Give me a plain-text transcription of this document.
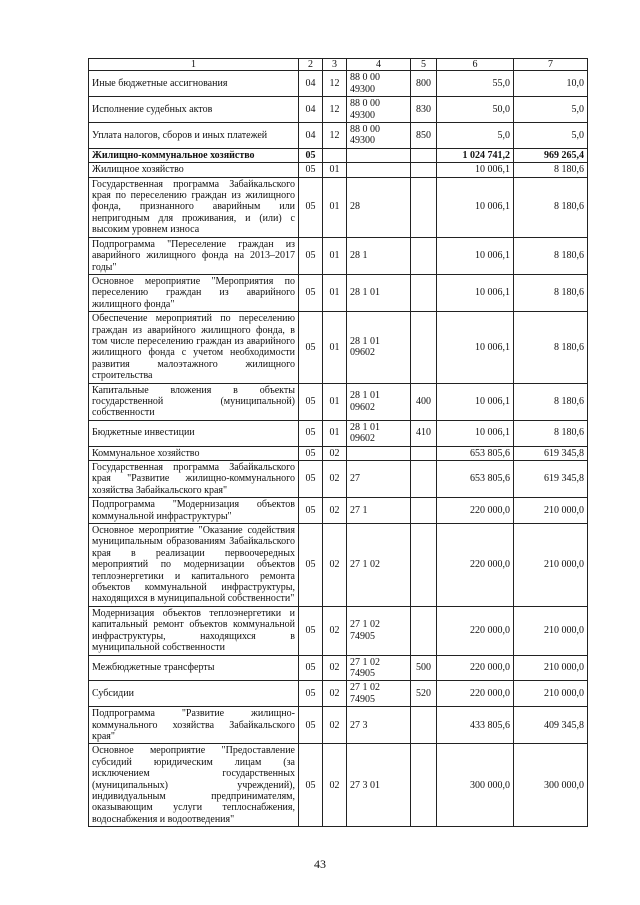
1	2	3	4	5	6	7
Иные бюджетные ассигнования	04	12	88 0 00 49300	800	55,0	10,0
Исполнение судебных актов	04	12	88 0 00 49300	830	50,0	5,0
Уплата налогов, сборов и иных платежей	04	12	88 0 00 49300	850	5,0	5,0
Жилищно-коммунальное хозяйство	05				1 024 741,2	969 265,4
Жилищное хозяйство	05	01			10 006,1	8 180,6
Государственная программа Забайкальского края по переселению граждан из жилищного фонда, признанного аварийным или непригодным для проживания, и (или) с высоким уровнем износа	05	01	28		10 006,1	8 180,6
Подпрограмма "Переселение граждан из аварийного жилищного фонда на 2013–2017 годы"	05	01	28 1		10 006,1	8 180,6
Основное мероприятие "Мероприятия по переселению граждан из аварийного жилищного фонда"	05	01	28 1 01		10 006,1	8 180,6
Обеспечение мероприятий по переселению граждан из аварийного жилищного фонда, в том числе переселению граждан из аварийного жилищного фонда с учетом необходимости развития малоэтажного жилищного строительства	05	01	28 1 01 09602		10 006,1	8 180,6
Капитальные вложения в объекты государственной (муниципальной) собственности	05	01	28 1 01 09602	400	10 006,1	8 180,6
Бюджетные инвестиции	05	01	28 1 01 09602	410	10 006,1	8 180,6
Коммунальное хозяйство	05	02			653 805,6	619 345,8
Государственная программа Забайкальского края "Развитие жилищно-коммунального хозяйства Забайкальского края"	05	02	27		653 805,6	619 345,8
Подпрограмма "Модернизация объектов коммунальной инфраструктуры"	05	02	27 1		220 000,0	210 000,0
Основное мероприятие "Оказание содействия муниципальным образованиям Забайкальского края в реализации первоочередных мероприятий по модернизации объектов теплоэнергетики и капитального ремонта объектов коммунальной инфраструктуры, находящихся в муниципальной собственности"	05	02	27 1 02		220 000,0	210 000,0
Модернизация объектов теплоэнергетики и капитальный ремонт объектов коммунальной инфраструктуры, находящихся в муниципальной собственности	05	02	27 1 02 74905		220 000,0	210 000,0
Межбюджетные трансферты	05	02	27 1 02 74905	500	220 000,0	210 000,0
Субсидии	05	02	27 1 02 74905	520	220 000,0	210 000,0
Подпрограмма "Развитие жилищно-коммунального хозяйства Забайкальского края"	05	02	27 3		433 805,6	409 345,8
Основное мероприятие "Предоставление субсидий юридическим лицам (за исключением государственных (муниципальных) учреждений), индивидуальным предпринимателям, оказывающим услуги теплоснабжения, водоснабжения и водоотведения"	05	02	27 3 01		300 000,0	300 000,0
43
